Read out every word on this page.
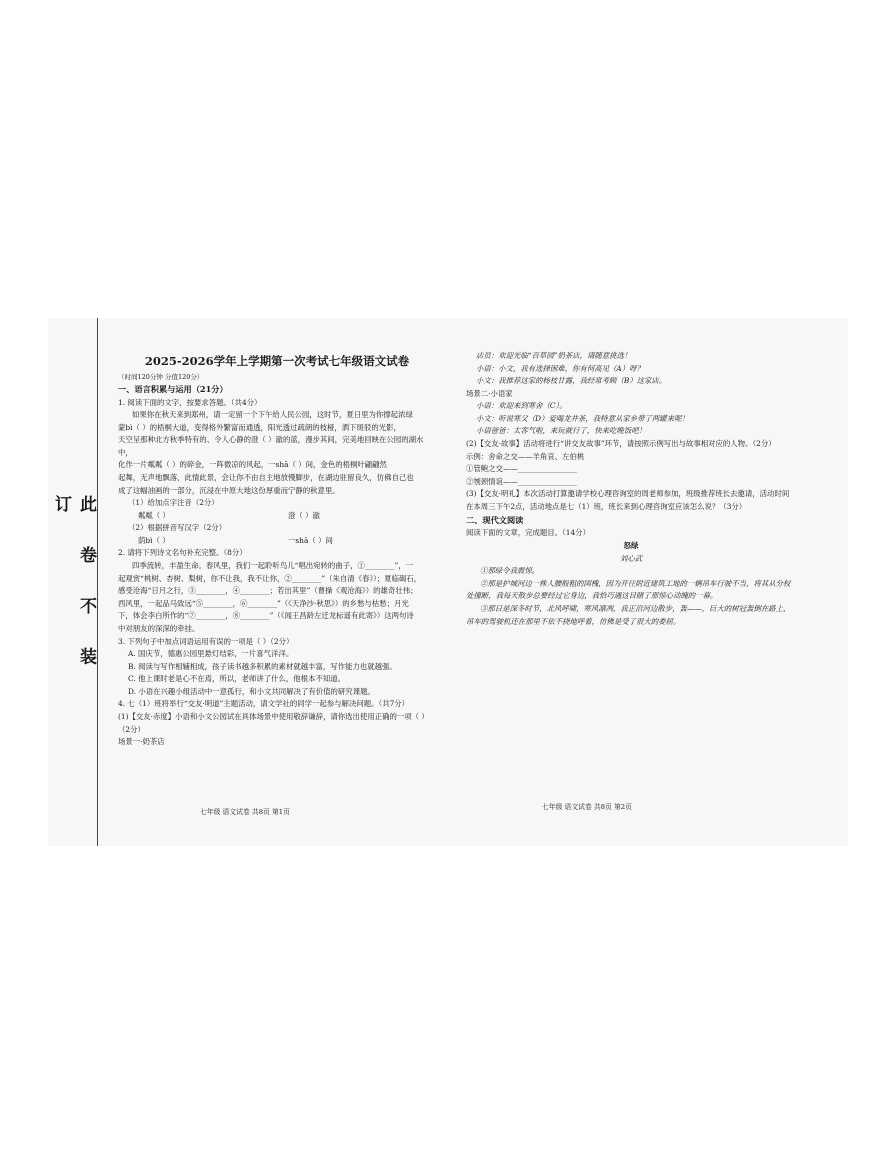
2025-2026学年上学期第一次考试七年级语文试卷

（时间120分钟 分值120分）

一、语言积累与运用（21分）

1. 阅读下面的文字，按要求答题。（共4分）

如果你在秋天来到郑州，请一定留一个下午给人民公园，这时节，夏日里为你撑起浓绿

蒙bì（ ）的梧桐大道，变得格外繁富而通透，阳光透过疏朗的枝桠，洒下斑驳的光影，

天空呈那种北方秋季特有的、令人心静的澄（ ）澈的蓝，漫步其间，完美地回映在公园的湖水中，

化作一片粼粼（ ）的碎金，一阵微凉的风起，一shā（ ）间，金色的梧桐叶翩翩然

起舞，无声地飘落，此情此景，会让你不由自主地放慢脚步，在湖边驻留良久，仿佛自己也

成了这幅油画的一部分，沉浸在中原大地这份厚重而宁静的秋意里。

（1）给加点字注音（2分）

粼粼（ ）	澄（ ）澈

（2）根据拼音写汉字（2分）

荫bì（ ）	一shā（ ）间

2. 请将下列诗文名句补充完整。（8分）

四季流转，丰盈生命。春风里，我们一起聆听鸟儿“唱出宛转的曲子，①________”，一

起观赏“桃树、杏树、梨树，你不让我，我不让你，②________”（朱自清《春》）；夏临碣石，

感受沧海“日月之行，③________，④________；若出其里”（曹操《观沧海》）的雄奇壮伟；

西风里，一起品马致远“⑤________，⑥________”（《天净沙·秋思》）的乡愁与枯愁；月光

下，体会李白所作的“⑦________，⑧________”（《闻王昌龄左迁龙标遥有此寄》）这两句诗

中对朋友的深深的牵挂。

3. 下列句子中加点词语运用有误的一项是（ ）（2分）

A. 国庆节，德惠公园里悬灯结彩，一片喜气洋洋。

B. 阅读与写作相辅相成，孩子读书越多积累的素材就越丰富，写作能力也就越强。

C. 他上课时老是心不在焉，所以，老师讲了什么，他根本不知道。

D. 小语在兴趣小组活动中一意孤行，和小文共同解决了有价值的研究课题。

4. 七（1）班将举行“交友·明道”主题活动，请文学社的同学一起参与解决问题。（共7分）

(1)【交友·赤度】小语和小文公园试在具体场景中使用敬辞谦辞，请你选出使用正确的一项（ ）（2分）

场景一·奶茶店

七年级 语文试卷 共8页 第1页

店员：欢迎光临“百草园”奶茶店，请随意挑选！

小语：小文，我有选择困难，你有何高见（A）呀？

小文：我推荐这家的杨枝甘露，我经常考顾（B）这家店。

场景二·小语家

小语：欢迎来到寒舍（C）。

小文：听说寒父（D）爱喝龙井茶，我特意从家乡带了两罐来呢！

小语爸爸：太客气啦，来玩就行了，快来吃晚饭吧！

(2)【交友·故事】活动将进行“讲交友故事”环节，请按照示例写出与故事相对应的人物。（2分）

示例：舍命之交——羊角哀、左伯桃

①管鲍之交——________________

②刎颈情谊——________________

(3)【交友·明礼】本次活动打算邀请学校心理咨询室的周老师参加，班级推荐班长去邀请，活动时间在本周三下午2点，活动地点是七（1）班，班长来到心理咨询室应该怎么说？（3分）

二、现代文阅读

阅读下面的文章，完成题目。（14分）

怒绿

刘心武

①那绿令我震惊。

②那是护城河边一株人腰般粗的国槐，因为开往附近建筑工地的一辆吊车行驶不当，将其从分杈处撞断，我每天散步总要经过它身边，我恰巧遇这目睹了那惊心动魄的一幕。

③那日是深冬时节，北风呼啸，寒风凛冽，我正沿河边散步，轰——，巨大的树冠轰倒在路上，吊车的驾驶机还在那里不依不挠地呼着，仿佛是受了很大的委屈。

七年级 语文试卷 共8页 第2页
